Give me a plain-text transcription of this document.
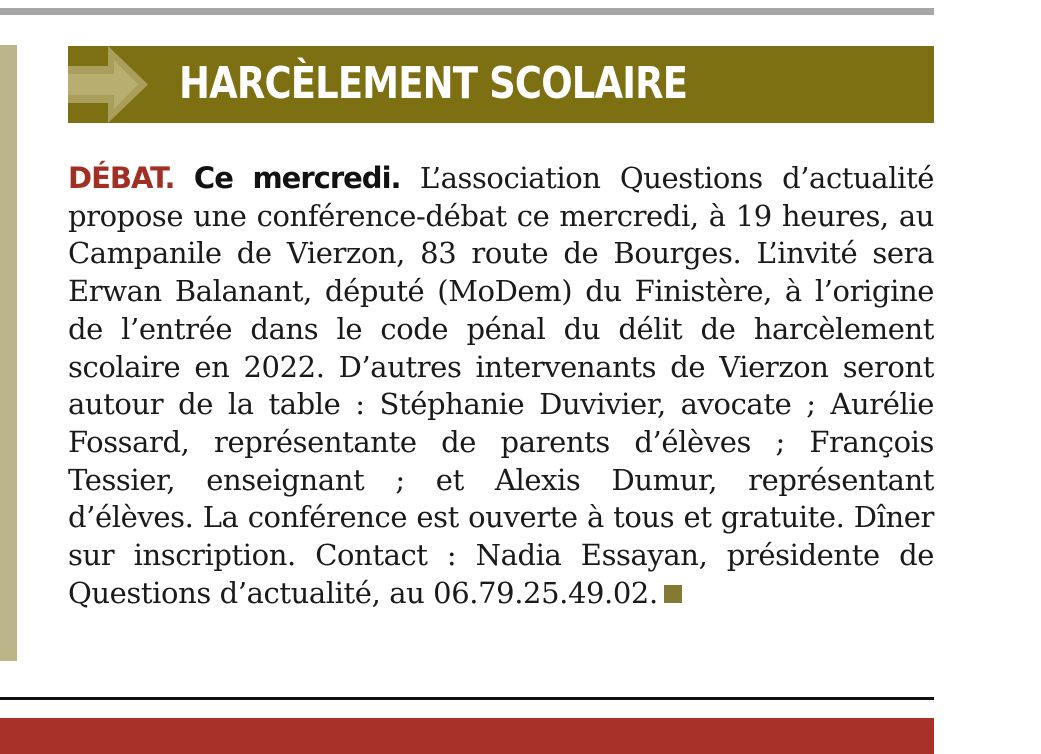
HARCÈLEMENT SCOLAIRE

DÉBAT. Ce mercredi. L’association Questions d’actualité propose une conférence-débat ce mercredi, à 19 heures, au Campanile de Vierzon, 83 route de Bourges. L’invité sera Erwan Balanant, député (MoDem) du Finistère, à l’origine de l’entrée dans le code pénal du délit de harcèlement scolaire en 2022. D’autres intervenants de Vierzon seront autour de la table : Stéphanie Duvivier, avocate ; Aurélie Fossard, représentante de parents d’élèves ; François Tessier, enseignant ; et Alexis Dumur, représentant d’élèves. La conférence est ouverte à tous et gratuite. Dîner sur inscription. Contact : Nadia Essayan, présidente de Questions d’actualité, au 06.79.25.49.02.
